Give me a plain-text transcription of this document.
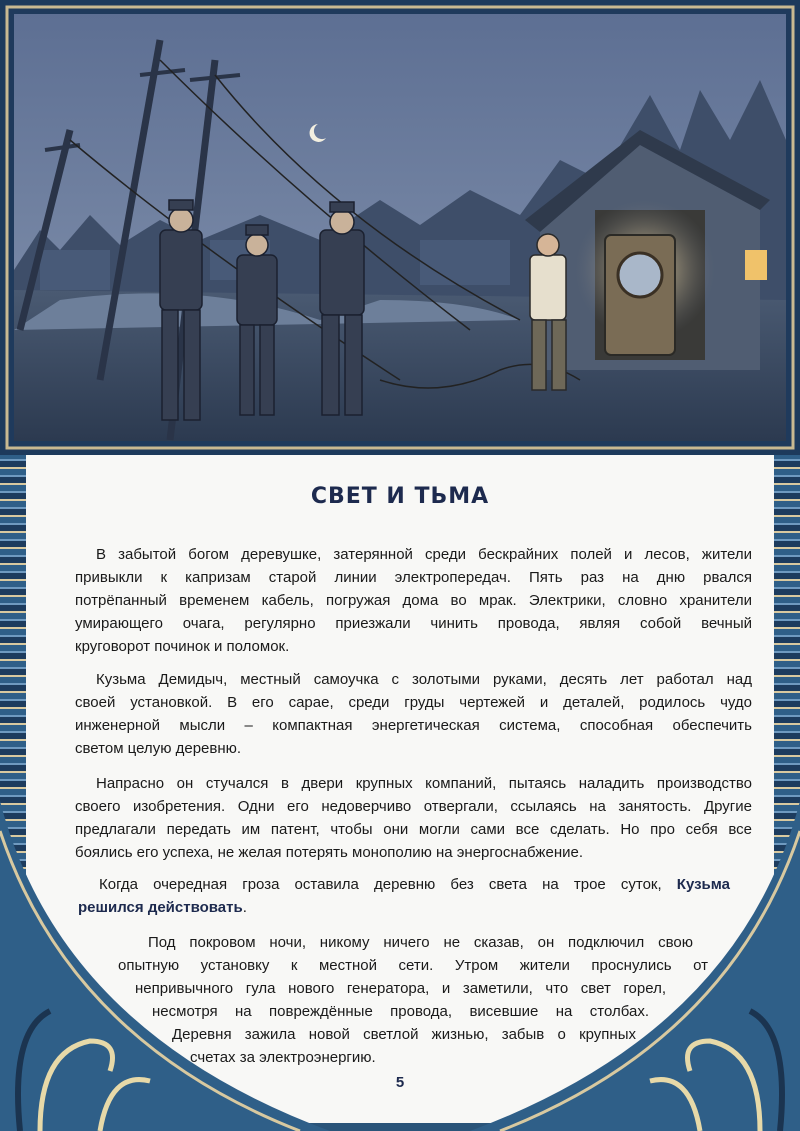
СВЕТ И ТЬМА
В забытой богом деревушке, затерянной среди бескрайних полей и лесов, жители
привыкли к капризам старой линии электропередач. Пять раз на дню рвался
потрёпанный временем кабель, погружая дома во мрак. Электрики, словно хранители
умирающего очага, регулярно приезжали чинить провода, являя собой вечный
круговорот починок и поломок.
Кузьма Демидыч, местный самоучка с золотыми руками, десять лет работал над
своей установкой. В его сарае, среди груды чертежей и деталей, родилось чудо
инженерной мысли – компактная энергетическая система, способная обеспечить
светом целую деревню.
Напрасно он стучался в двери крупных компаний, пытаясь наладить производство
своего изобретения. Одни его недоверчиво отвергали, ссылаясь на занятость. Другие
предлагали передать им патент, чтобы они могли сами все сделать. Но про себя все
боялись его успеха, не желая потерять монополию на энергоснабжение.
Когда очередная гроза оставила деревню без света на трое суток, Кузьма
решился действовать.
Под покровом ночи, никому ничего не сказав, он подключил свою
опытную установку к местной сети. Утром жители проснулись от
непривычного гула нового генератора, и заметили, что свет горел,
несмотря на повреждённые провода, висевшие на столбах.
Деревня зажила новой светлой жизнью, забыв о крупных
счетах за электроэнергию.
5
